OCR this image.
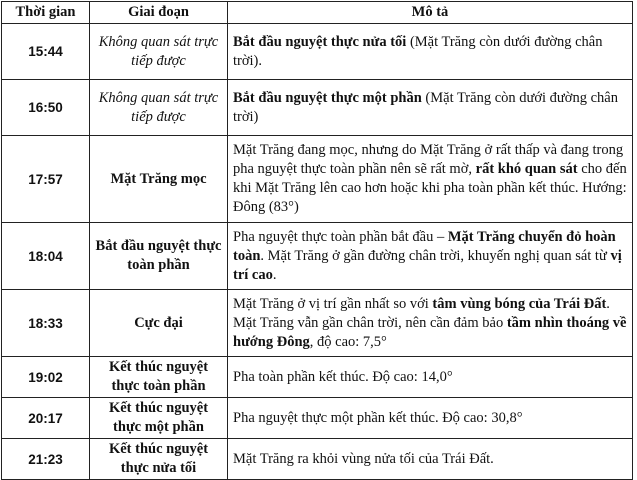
Thời gian	Giai đoạn	Mô tả
15:44	Không quan sát trực tiếp được	Bắt đầu nguyệt thực nửa tối (Mặt Trăng còn dưới đường chân trời).
16:50	Không quan sát trực tiếp được	Bắt đầu nguyệt thực một phần (Mặt Trăng còn dưới đường chân trời)
17:57	Mặt Trăng mọc	Mặt Trăng đang mọc, nhưng do Mặt Trăng ở rất thấp và đang trong pha nguyệt thực toàn phần nên sẽ rất mờ, rất khó quan sát cho đến khi Mặt Trăng lên cao hơn hoặc khi pha toàn phần kết thúc. Hướng: Đông (83°)
18:04	Bắt đầu nguyệt thực toàn phần	Pha nguyệt thực toàn phần bắt đầu – Mặt Trăng chuyển đỏ hoàn toàn. Mặt Trăng ở gần đường chân trời, khuyến nghị quan sát từ vị trí cao.
18:33	Cực đại	Mặt Trăng ở vị trí gần nhất so với tâm vùng bóng của Trái Đất. Mặt Trăng vẫn gần chân trời, nên cần đảm bảo tầm nhìn thoáng về hướng Đông, độ cao: 7,5°
19:02	Kết thúc nguyệt thực toàn phần	Pha toàn phần kết thúc. Độ cao: 14,0°
20:17	Kết thúc nguyệt thực một phần	Pha nguyệt thực một phần kết thúc. Độ cao: 30,8°
21:23	Kết thúc nguyệt thực nửa tối	Mặt Trăng ra khỏi vùng nửa tối của Trái Đất.
